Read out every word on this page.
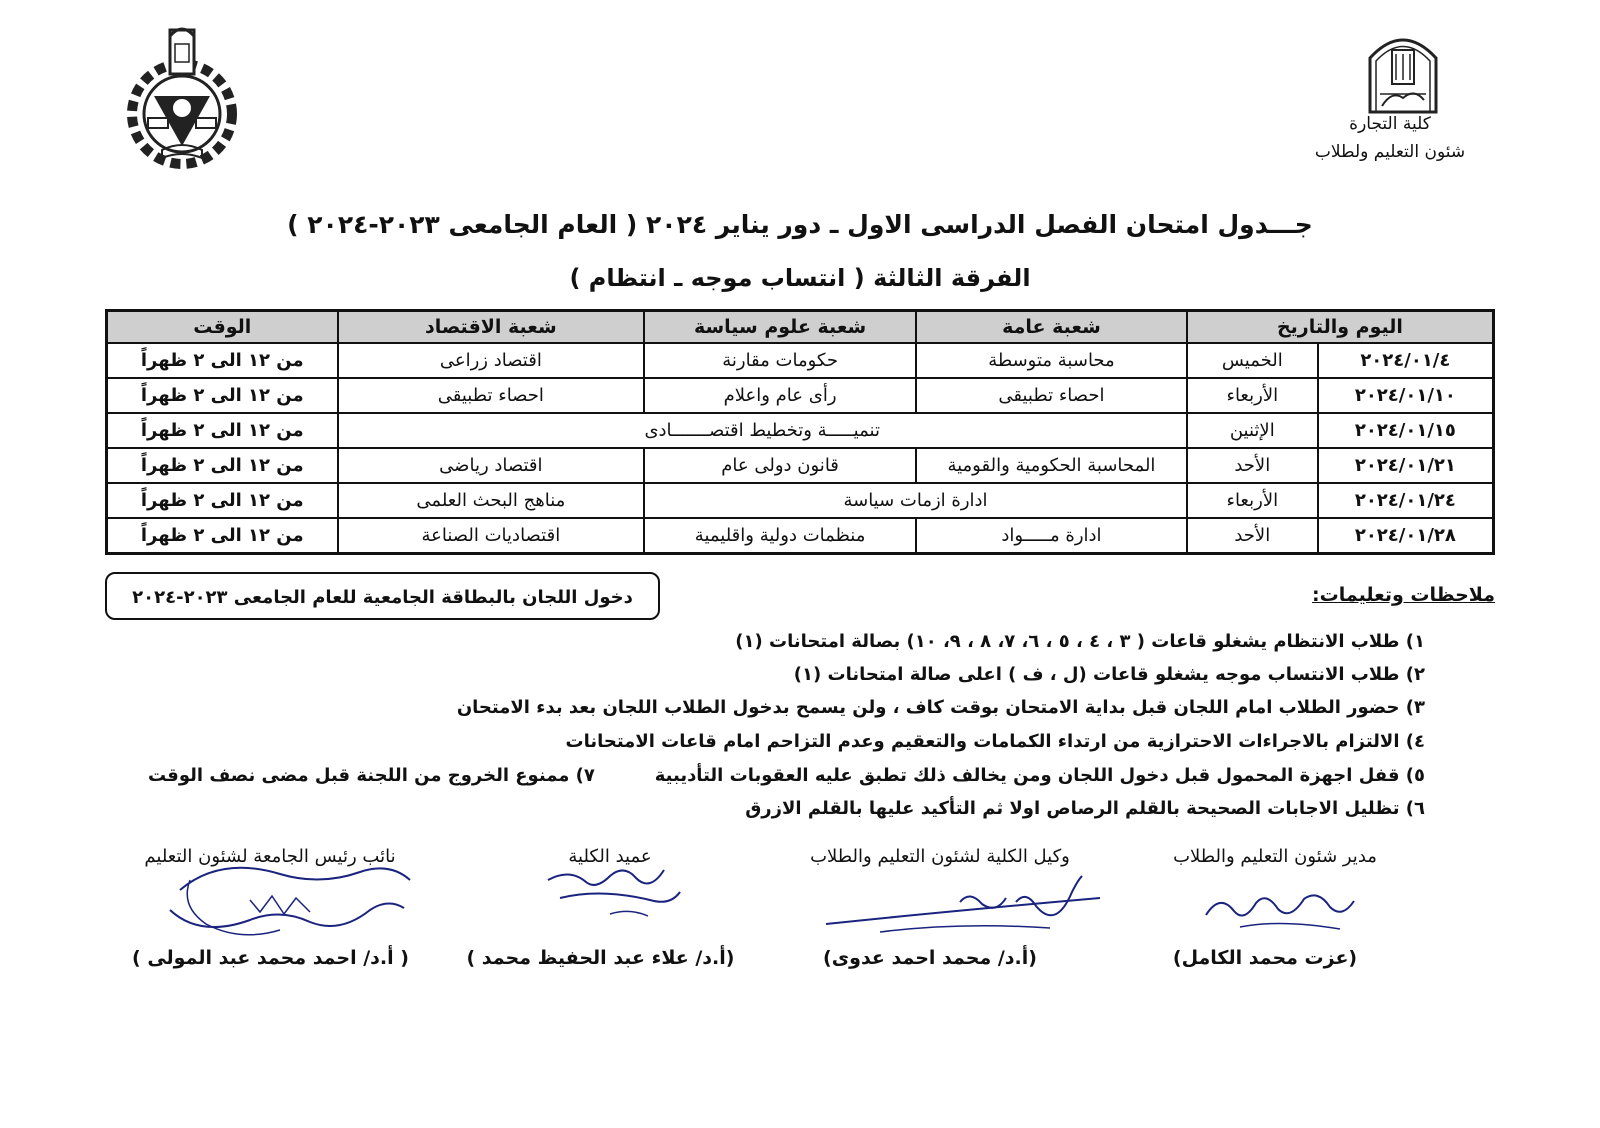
كلية التجارة
شئون التعليم ولطلاب
جـــدول امتحان الفصل الدراسى الاول ـ دور يناير ٢٠٢٤ ( العام الجامعى ٢٠٢٣-٢٠٢٤ )
الفرقة الثالثة ( انتساب موجه ـ انتظام )
اليوم والتاريخ		شعبة عامة	شعبة علوم سياسة	شعبة الاقتصاد	الوقت
٢٠٢٤/٠١/٤	الخميس	محاسبة متوسطة	حكومات مقارنة	اقتصاد زراعى	من ١٢ الى ٢ ظهراً
٢٠٢٤/٠١/١٠	الأربعاء	احصاء تطبيقى	رأى عام واعلام	احصاء تطبيقى	من ١٢ الى ٢ ظهراً
٢٠٢٤/٠١/١٥	الإثنين	تنميـــــة وتخطيط اقتصـــــــادى			من ١٢ الى ٢ ظهراً
٢٠٢٤/٠١/٢١	الأحد	المحاسبة الحكومية والقومية	قانون دولى عام	اقتصاد رياضى	من ١٢ الى ٢ ظهراً
٢٠٢٤/٠١/٢٤	الأربعاء	ادارة ازمات سياسة		مناهج البحث العلمى	من ١٢ الى ٢ ظهراً
٢٠٢٤/٠١/٢٨	الأحد	ادارة مـــــواد	منظمات دولية واقليمية	اقتصاديات الصناعة	من ١٢ الى ٢ ظهراً
دخول اللجان بالبطاقة الجامعية للعام الجامعى ٢٠٢٣-٢٠٢٤	ملاحظات وتعليمات:
١) طلاب الانتظام يشغلو قاعات ( ٣ ، ٤ ، ٥ ، ٦، ٧، ٨ ، ٩، ١٠) بصالة امتحانات (١)
٢) طلاب الانتساب موجه يشغلو قاعات (ل ، ف ) اعلى صالة امتحانات (١)
٣) حضور الطلاب امام اللجان قبل بداية الامتحان بوقت كاف ، ولن يسمح بدخول الطلاب اللجان بعد بدء الامتحان
٤) الالتزام بالاجراءات الاحترازية من ارتداء الكمامات والتعقيم وعدم التزاحم امام قاعات الامتحانات
٥) قفل اجهزة المحمول قبل دخول اللجان ومن يخالف ذلك تطبق عليه العقوبات التأديبية
٦) تظليل الاجابات الصحيحة بالقلم الرصاص اولا ثم التأكيد عليها بالقلم الازرق
٧) ممنوع الخروج من اللجنة قبل مضى نصف الوقت
مدير شئون التعليم والطلاب
وكيل الكلية لشئون التعليم والطلاب
عميد الكلية
نائب رئيس الجامعة لشئون التعليم
(عزت محمد الكامل)
(أ.د/ محمد احمد عدوى)
(أ.د/ علاء عبد الحفيظ محمد )
( أ.د/ احمد محمد عبد المولى )
